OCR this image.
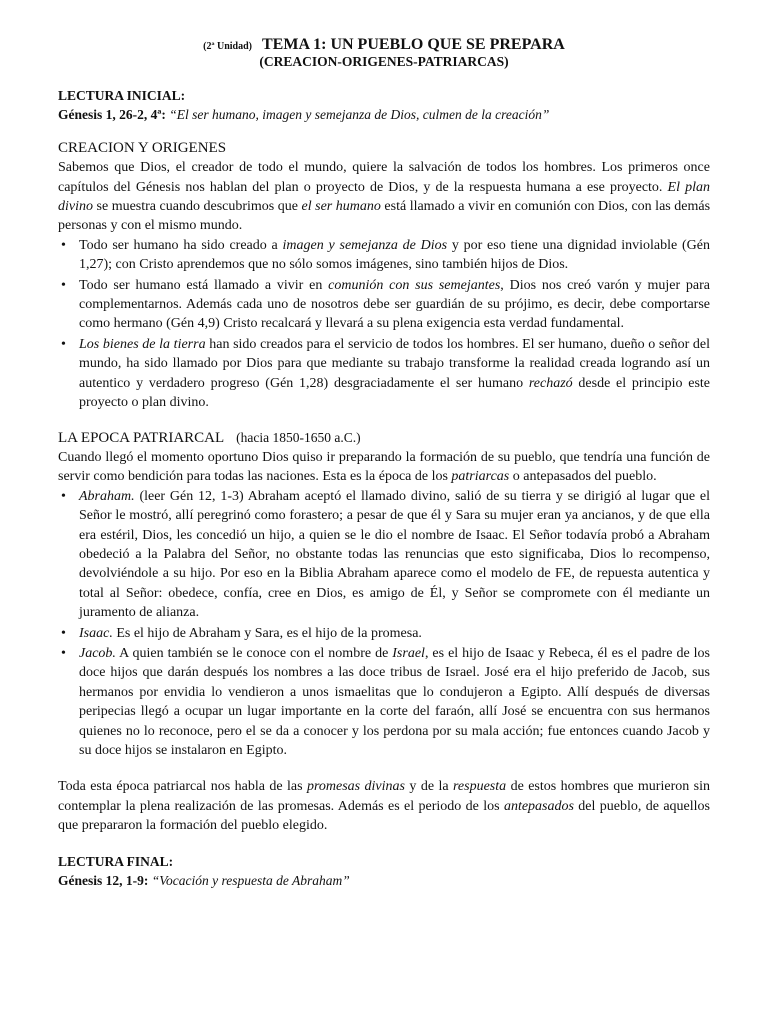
(2ª Unidad) TEMA 1: UN PUEBLO QUE SE PREPARA
(CREACION-ORIGENES-PATRIARCAS)
LECTURA INICIAL:
Génesis 1, 26-2, 4ª: “El ser humano, imagen y semejanza de Dios, culmen de la creación”
CREACION Y ORIGENES

Sabemos que Dios, el creador de todo el mundo, quiere la salvación de todos los hombres. Los primeros once capítulos del Génesis nos hablan del plan o proyecto de Dios, y de la respuesta humana a ese proyecto. El plan divino se muestra cuando descubrimos que el ser humano está llamado a vivir en comunión con Dios, con las demás personas y con el mismo mundo.

• Todo ser humano ha sido creado a imagen y semejanza de Dios y por eso tiene una dignidad inviolable (Gén 1,27); con Cristo aprendemos que no sólo somos imágenes, sino también hijos de Dios.
• Todo ser humano está llamado a vivir en comunión con sus semejantes, Dios nos creó varón y mujer para complementarnos. Además cada uno de nosotros debe ser guardián de su prójimo, es decir, debe comportarse como hermano (Gén 4,9) Cristo recalcará y llevará a su plena exigencia esta verdad fundamental.
• Los bienes de la tierra han sido creados para el servicio de todos los hombres. El ser humano, dueño o señor del mundo, ha sido llamado por Dios para que mediante su trabajo transforme la realidad creada logrando así un autentico y verdadero progreso (Gén 1,28) desgraciadamente el ser humano rechazó desde el principio este proyecto o plan divino.
LA EPOCA PATRIARCAL (hacia 1850-1650 a.C.)

Cuando llegó el momento oportuno Dios quiso ir preparando la formación de su pueblo, que tendría una función de servir como bendición para todas las naciones. Esta es la época de los patriarcas o antepasados del pueblo.

• Abraham. (leer Gén 12, 1-3) Abraham aceptó el llamado divino, salió de su tierra y se dirigió al lugar que el Señor le mostró, allí peregrinó como forastero; a pesar de que él y Sara su mujer eran ya ancianos, y de que ella era estéril, Dios, les concedió un hijo, a quien se le dio el nombre de Isaac. El Señor todavía probó a Abraham obedeció a la Palabra del Señor, no obstante todas las renuncias que esto significaba, Dios lo recompenso, devolviéndole a su hijo. Por eso en la Biblia Abraham aparece como el modelo de FE, de repuesta autentica y total al Señor: obedece, confía, cree en Dios, es amigo de Él, y Señor se compromete con él mediante un juramento de alianza.
• Isaac. Es el hijo de Abraham y Sara, es el hijo de la promesa.
• Jacob. A quien también se le conoce con el nombre de Israel, es el hijo de Isaac y Rebeca, él es el padre de los doce hijos que darán después los nombres a las doce tribus de Israel. José era el hijo preferido de Jacob, sus hermanos por envidia lo vendieron a unos ismaelitas que lo condujeron a Egipto. Allí después de diversas peripecias llegó a ocupar un lugar importante en la corte del faraón, allí José se encuentra con sus hermanos quienes no lo reconoce, pero el se da a conocer y los perdona por su mala acción; fue entonces cuando Jacob y su doce hijos se instalaron en Egipto.

Toda esta época patriarcal nos habla de las promesas divinas y de la respuesta de estos hombres que murieron sin contemplar la plena realización de las promesas. Además es el periodo de los antepasados del pueblo, de aquellos que prepararon la formación del pueblo elegido.

LECTURA FINAL:
Génesis 12, 1-9: “Vocación y respuesta de Abraham”
